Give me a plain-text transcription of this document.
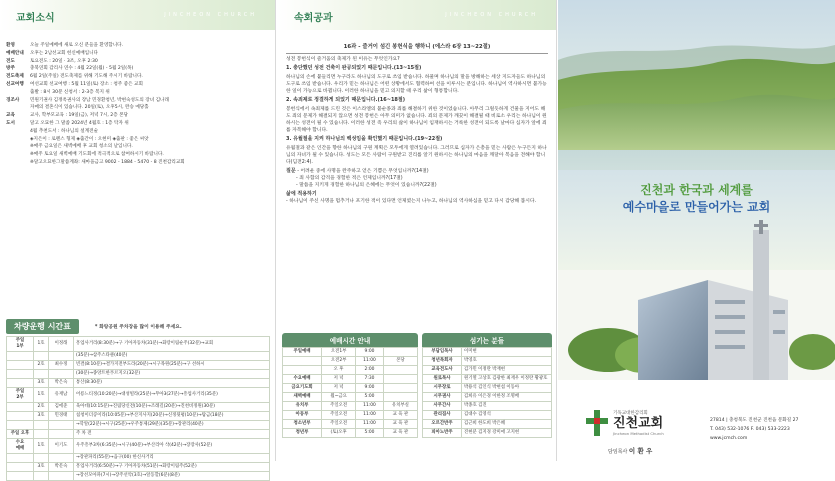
교회소식	JINCHEON CHURCH
환영	오늘 주일예배에 새로 오신 분들을 환영합니다.
예배안내	오후는 2남선교회 헌신예배입니다
전도	토요전도 : 20일 · 3조, 오후 2:30
방주	충북연회 감리사 연수 : 4월 22일(월) - 5월 2일(목)
전도축제	6월 2일(주일) 전도축제를 위해 기도해 주시기 바랍니다.
선교여행	여선교회 선교여행 : 5월 11일(토) 장소 : 청주 좋은 교회
출발 : 8시 30분 신청서 : 2-3층 복지 위
경조사	민원기권사 김정옥권사의 장남 민경환청년, 박현숙성도의 장녀 김나래
자매의 결혼식이 있습니다. 20일(토), 오후5시, 완승 예당홀
교육	교사, 학부모교육 : 19일(금), 저녁 7시, 2층 본당
도서	달고 오묘한 그 말씀 2024년 4월호 : 1층 탁자 위
4월 추천도서 : 하나님의 설계전술
◈지은이 : 로렌스 형제 ◈출간이 : 오현미 ◈출판 : 좋은 씨앗
※매주 금요일은 새벽예배 후 교회 청소의 날입니다.
※매주 토요일 새벽예배 기도회에 적극적으로 참여하시기 바랍니다.
※달고오묘한그말씀계좌: 새마을금고 9002 - 1884 - 5470 - 8 진천감리교회
차량운행 시간표	* 화랑공원 주차장을 많이 이용해 주세요.
주일
1부	1호	이정래	흥업사거리(8:30분)→구 기아자동차(31분)→화랑이림순주(32분)→교회
			(35분)→삼주스타클(40분)
	2호	최수정	빈결(8:10분)→결가지전부도라(20분)→시구목원(25분)→구 선하시
			(30분)→종앙트한푸르지오(32분)
	3호	박은숙	통산(8:30분)
주일
2부	1호	유재남	어룡느티정(10:20분)→대성빌라(25분)→무아3(27분)→흥업사거리(35분)
	2호	김에준	육아데(10:15분)→진림당신전(10분)→조례길(20분)→진천비정원(30분)
	3호	민경태	침청이더콩이라(10:05분)→부산지사지(20분)→신정뒷평(10분)→탐금(18분)
			→학알(22분)→시구(25분)→우주통제(29분)(35분)→장관리(40분)
주일 오후			주 차 전
수요
예배	1호	이기도	우주흥부3차(6:35분)→시구(40분)→부산리아 삭(42분)→장장사(52분)
			→장관파리(55분)→읍구(00) 한신사거리
	3호	박문숙	흥업사거리(6:50분)→구 기아자동차(51분)→화랑이림주(52분)
			→장선모아파(7시)→장주선악(3호)→알동할(6분)(8분)
속회공과	JINCHEON CHURCH
16과 - 즐거이 섬긴 봉헌식을 행하니 (에스라 6장 13~22절)

성전 봉헌식이 즐거움의 축제가 된 이유는 무엇인가요?

1. 충단했던 성전 건축이 완공되었기 때문입니다.(13~15절)

하나님의 손에 붙들리면 누구라도 하나님의 도구로 쓰임 받습니다. 하물며 하나님의 말을 방해하는 세상 지도자들도 하나님의 도구로 쓰임 받습니다. 우리가 믿는 하나님은 어떤 상황에서도 협력하여 선을 이루시는 분입니다. 하나님이 역사하시면 불가능한 일이 가능으로 바뀝니다. 이러한 하나님을 믿고 의지할 때 우리 삶이 형통합니다.

2. 속죄제로 정결하게 되었기 때문입니다.(16~18절)

봉헌식에서 속죄제를 드린 것은 이스라엘의 불순종과 죄를 해결하기 위한 것이었습니다. 아무리 그럴듯하게 건물을 지어도 해도 죄의 문제가 해결되지 않으면 성전 봉헌은 아무 의미가 없습니다. 죄의 문제가 깨끗이 해결될 때 비로소 우리는 하나님이 원하시는 성전이 될 수 있습니다. 이러한 성전 즉 우리의 삶이 하나님이 임재하시는 거룩한 성전이 되도록 날마다 십자가 앞에 죄를 자복해야 합니다.

3. 유월절을 지켜 하나님의 백성임을 확인했기 때문입니다.(19~22절)

유월절과 같은 인간을 향한 하나님의 구원 계획은 모두에게 열려있습니다. 그러므로 십자가 은총을 믿는 사람은 누구든지 하나님의 자녀가 될 수 있습니다. 성도는 모든 사람이 구원받고 진리를 알기 원하시는 하나님의 마음을 깨달아 복음을 전해야 합니다(딤전2:4).

질문 - 어려운 중에 사명을 완주하고 얻은 기쁨은 무엇입니까?(14절)

- 죄 사함의 감격을 경험한 적은 언제입니까?(17절)

- 말씀을 지키게 경험한 하나님의 은혜에는 무엇이 있습니까?(22절)

삶에 적용하기

- 하나님이 주신 사명을 멈추거나 포기한 적이 있다면 언제였는지 나누고, 하나님의 역사하심을 믿고 다시 감당해 봅시다.

예배시간 안내
주일예배	오전1부	9:00	
	오전2부	11:00	본당
	오 후	2:00	
수요예배	저 녁	7:30	
금요기도회	저 녁	9:00	
새벽예배	월~금요	5:00	
유치부	주일오전	11:00	유치부실
아동부	주일오전	11:00	교 육 관
청소년부	주일오전	11:00	교 육 관
청년부	(토)오후	5:00	교 육 관
섬기는 분들
부담임목사	이미현
청년목회자	박영호
교육전도사	김가민 이정란 박재현
원로목사	원기열 고상호 김광한 최재우 이정란 황광호
시무장로	박용석 김인식 박현섭 이동아
시무권사	김희유 이은경 이한정 조명배
사무간사	박종호 김진
관리집사	김대수 김영석
오르간반주	김근희 한도희 박은혜
피아노반주	진현분 김지경 강미애 고지현
진천과 한국과 세계를
예수마을로 만들어가는 교회
기독교대한감리회
진천교회
Jincheon Methodist Church
담임목사 이 환 우
27814 | 충청북도 진천군 진천읍 문화길 27
T. 043) 532-1076 F. 043) 533-2223
www.jcmch.com
